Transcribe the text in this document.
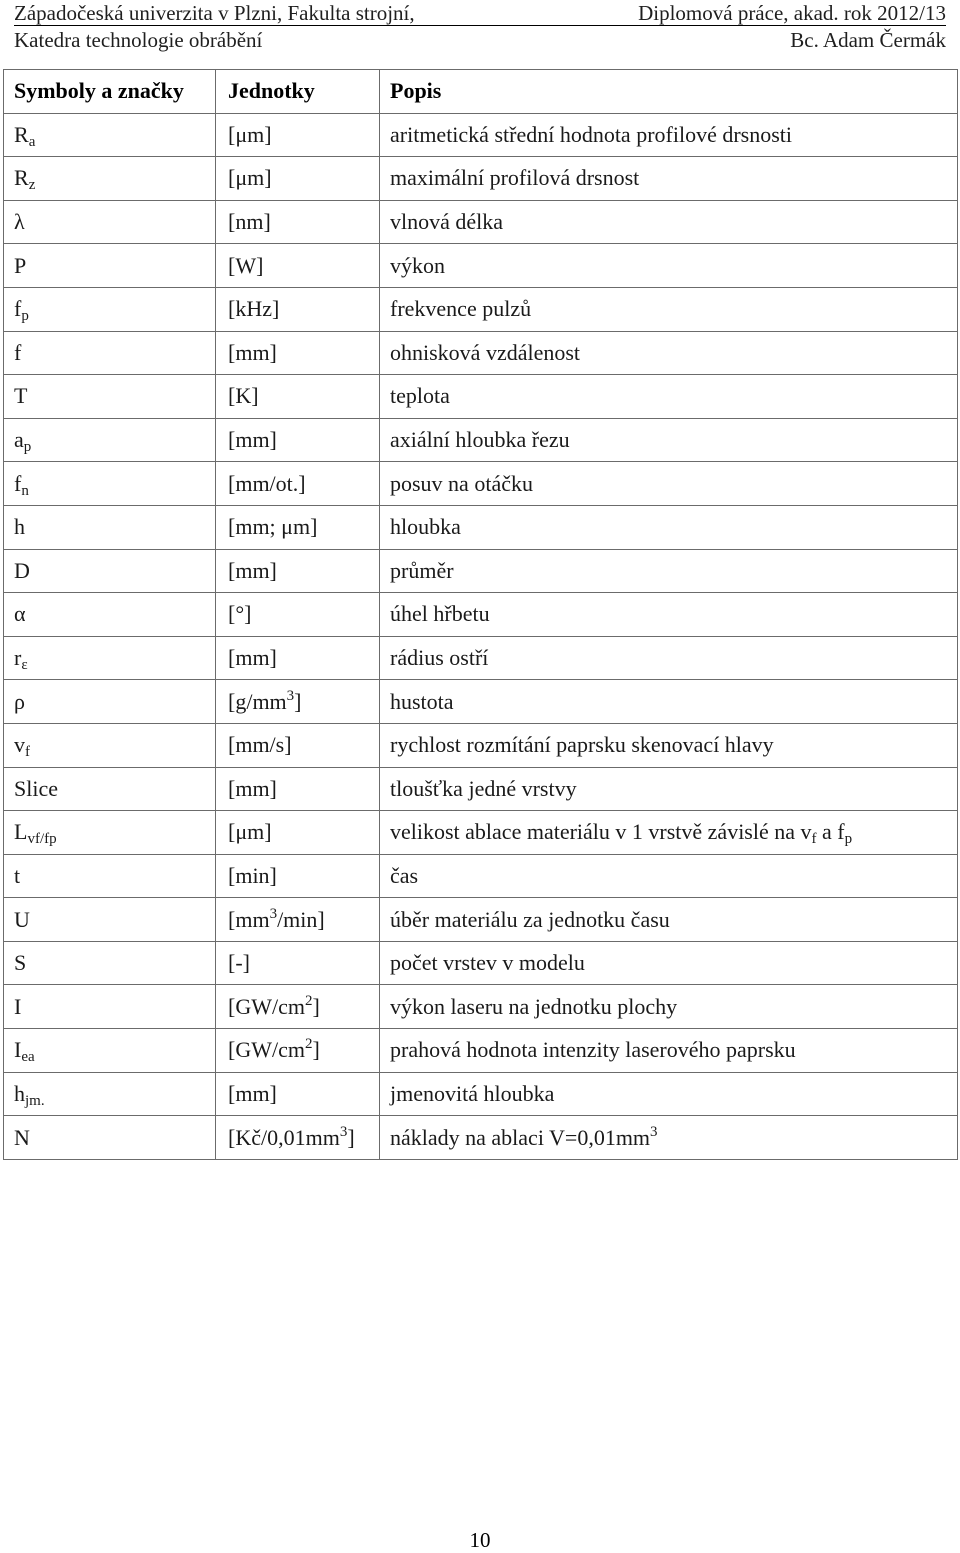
Západočeská univerzita v Plzni, Fakulta strojní,	Diplomová práce, akad. rok 2012/13
Katedra technologie obrábění	Bc. Adam Čermák
Symboly a značky	Jednotky	Popis
$R_a$	[μm]	aritmetická střední hodnota profilové drsnosti
$R_z$	[μm]	maximální profilová drsnost
λ	[nm]	vlnová délka
P	[W]	výkon
$f_p$	[kHz]	frekvence pulzů
f	[mm]	ohnisková vzdálenost
T	[K]	teplota
$a_p$	[mm]	axiální hloubka řezu
$f_n$	[mm/ot.]	posuv na otáčku
h	[mm; μm]	hloubka
D	[mm]	průměr
α	[°]	úhel hřbetu
$r_\varepsilon$	[mm]	rádius ostří
ρ	$[g/mm^3]$	hustota
$v_f$	[mm/s]	rychlost rozmítání paprsku skenovací hlavy
Slice	[mm]	tloušťka jedné vrstvy
$L_{vf/fp}$	[μm]	velikost ablace materiálu v 1 vrstvě závislé na $v_f$ a $f_p$
t	[min]	čas
U	$[mm^3/\min]$	úběr materiálu za jednotku času
S	[-]	počet vrstev v modelu
I	$[GW/cm^2]$	výkon laseru na jednotku plochy
$I_{ea}$	$[GW/cm^2]$	prahová hodnota intenzity laserového paprsku
$h_{jm.}$	[mm]	jmenovitá hloubka
N	$[Kč/0,01mm^3]$	náklady na ablaci $V=0,01mm^3$
10
